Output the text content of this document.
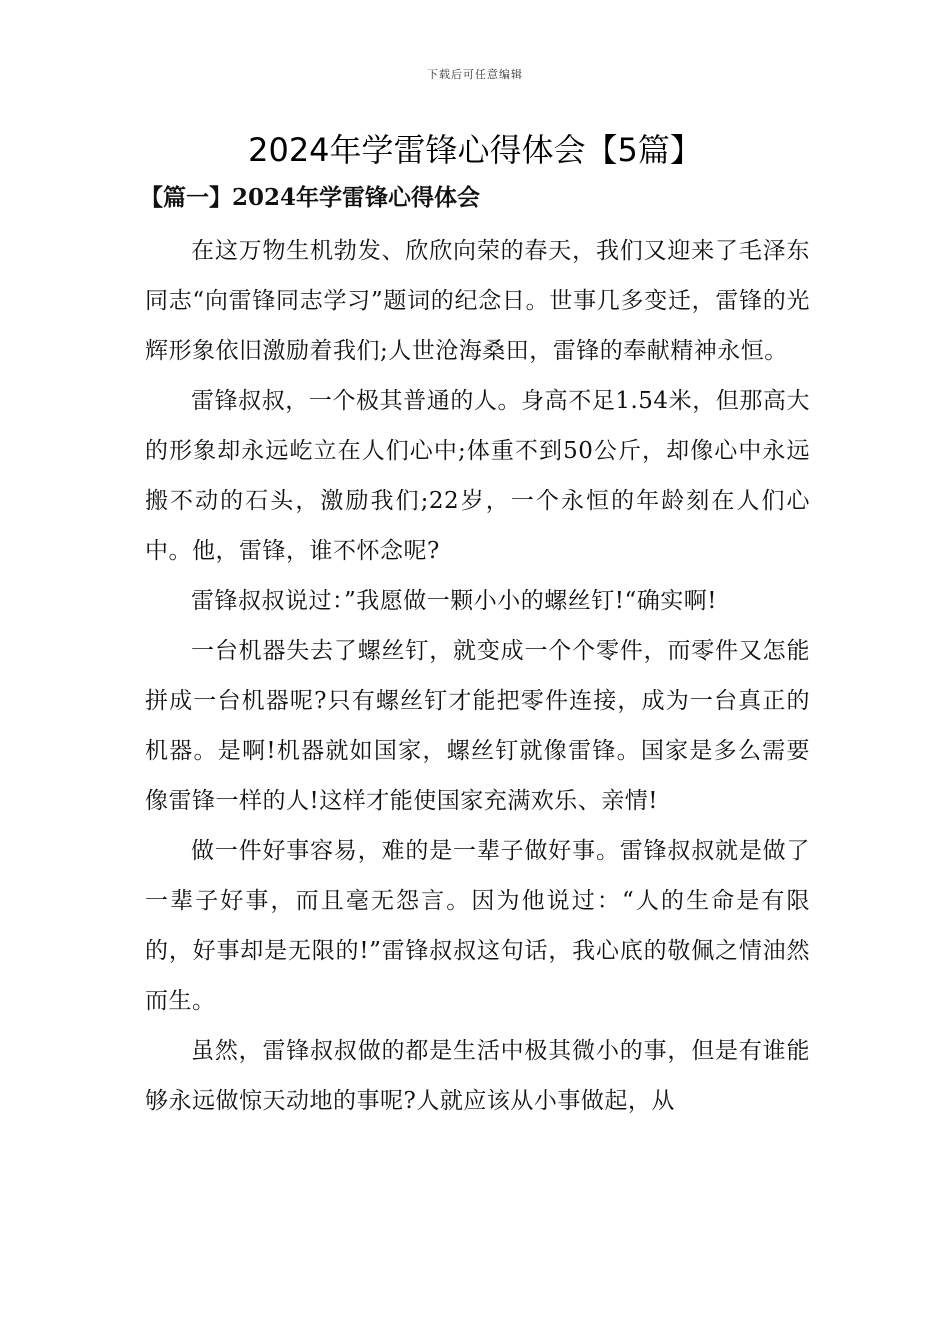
下载后可任意编辑
2024年学雷锋心得体会【5篇】
【篇一】2024年学雷锋心得体会

在这万物生机勃发、欣欣向荣的春天，我们又迎来了毛泽东同志“向雷锋同志学习”题词的纪念日。世事几多变迁，雷锋的光辉形象依旧激励着我们;人世沧海桑田，雷锋的奉献精神永恒。

雷锋叔叔，一个极其普通的人。身高不足1.54米，但那高大的形象却永远屹立在人们心中;体重不到50公斤，却像心中永远搬不动的石头，激励我们;22岁，一个永恒的年龄刻在人们心中。他，雷锋，谁不怀念呢?

雷锋叔叔说过：”我愿做一颗小小的螺丝钉!“确实啊!

一台机器失去了螺丝钉，就变成一个个零件，而零件又怎能拼成一台机器呢?只有螺丝钉才能把零件连接，成为一台真正的机器。是啊!机器就如国家，螺丝钉就像雷锋。国家是多么需要像雷锋一样的人!这样才能使国家充满欢乐、亲情!

做一件好事容易，难的是一辈子做好事。雷锋叔叔就是做了一辈子好事，而且毫无怨言。因为他说过：“人的生命是有限的，好事却是无限的!”雷锋叔叔这句话，我心底的敬佩之情油然而生。

虽然，雷锋叔叔做的都是生活中极其微小的事，但是有谁能够永远做惊天动地的事呢?人就应该从小事做起，从
